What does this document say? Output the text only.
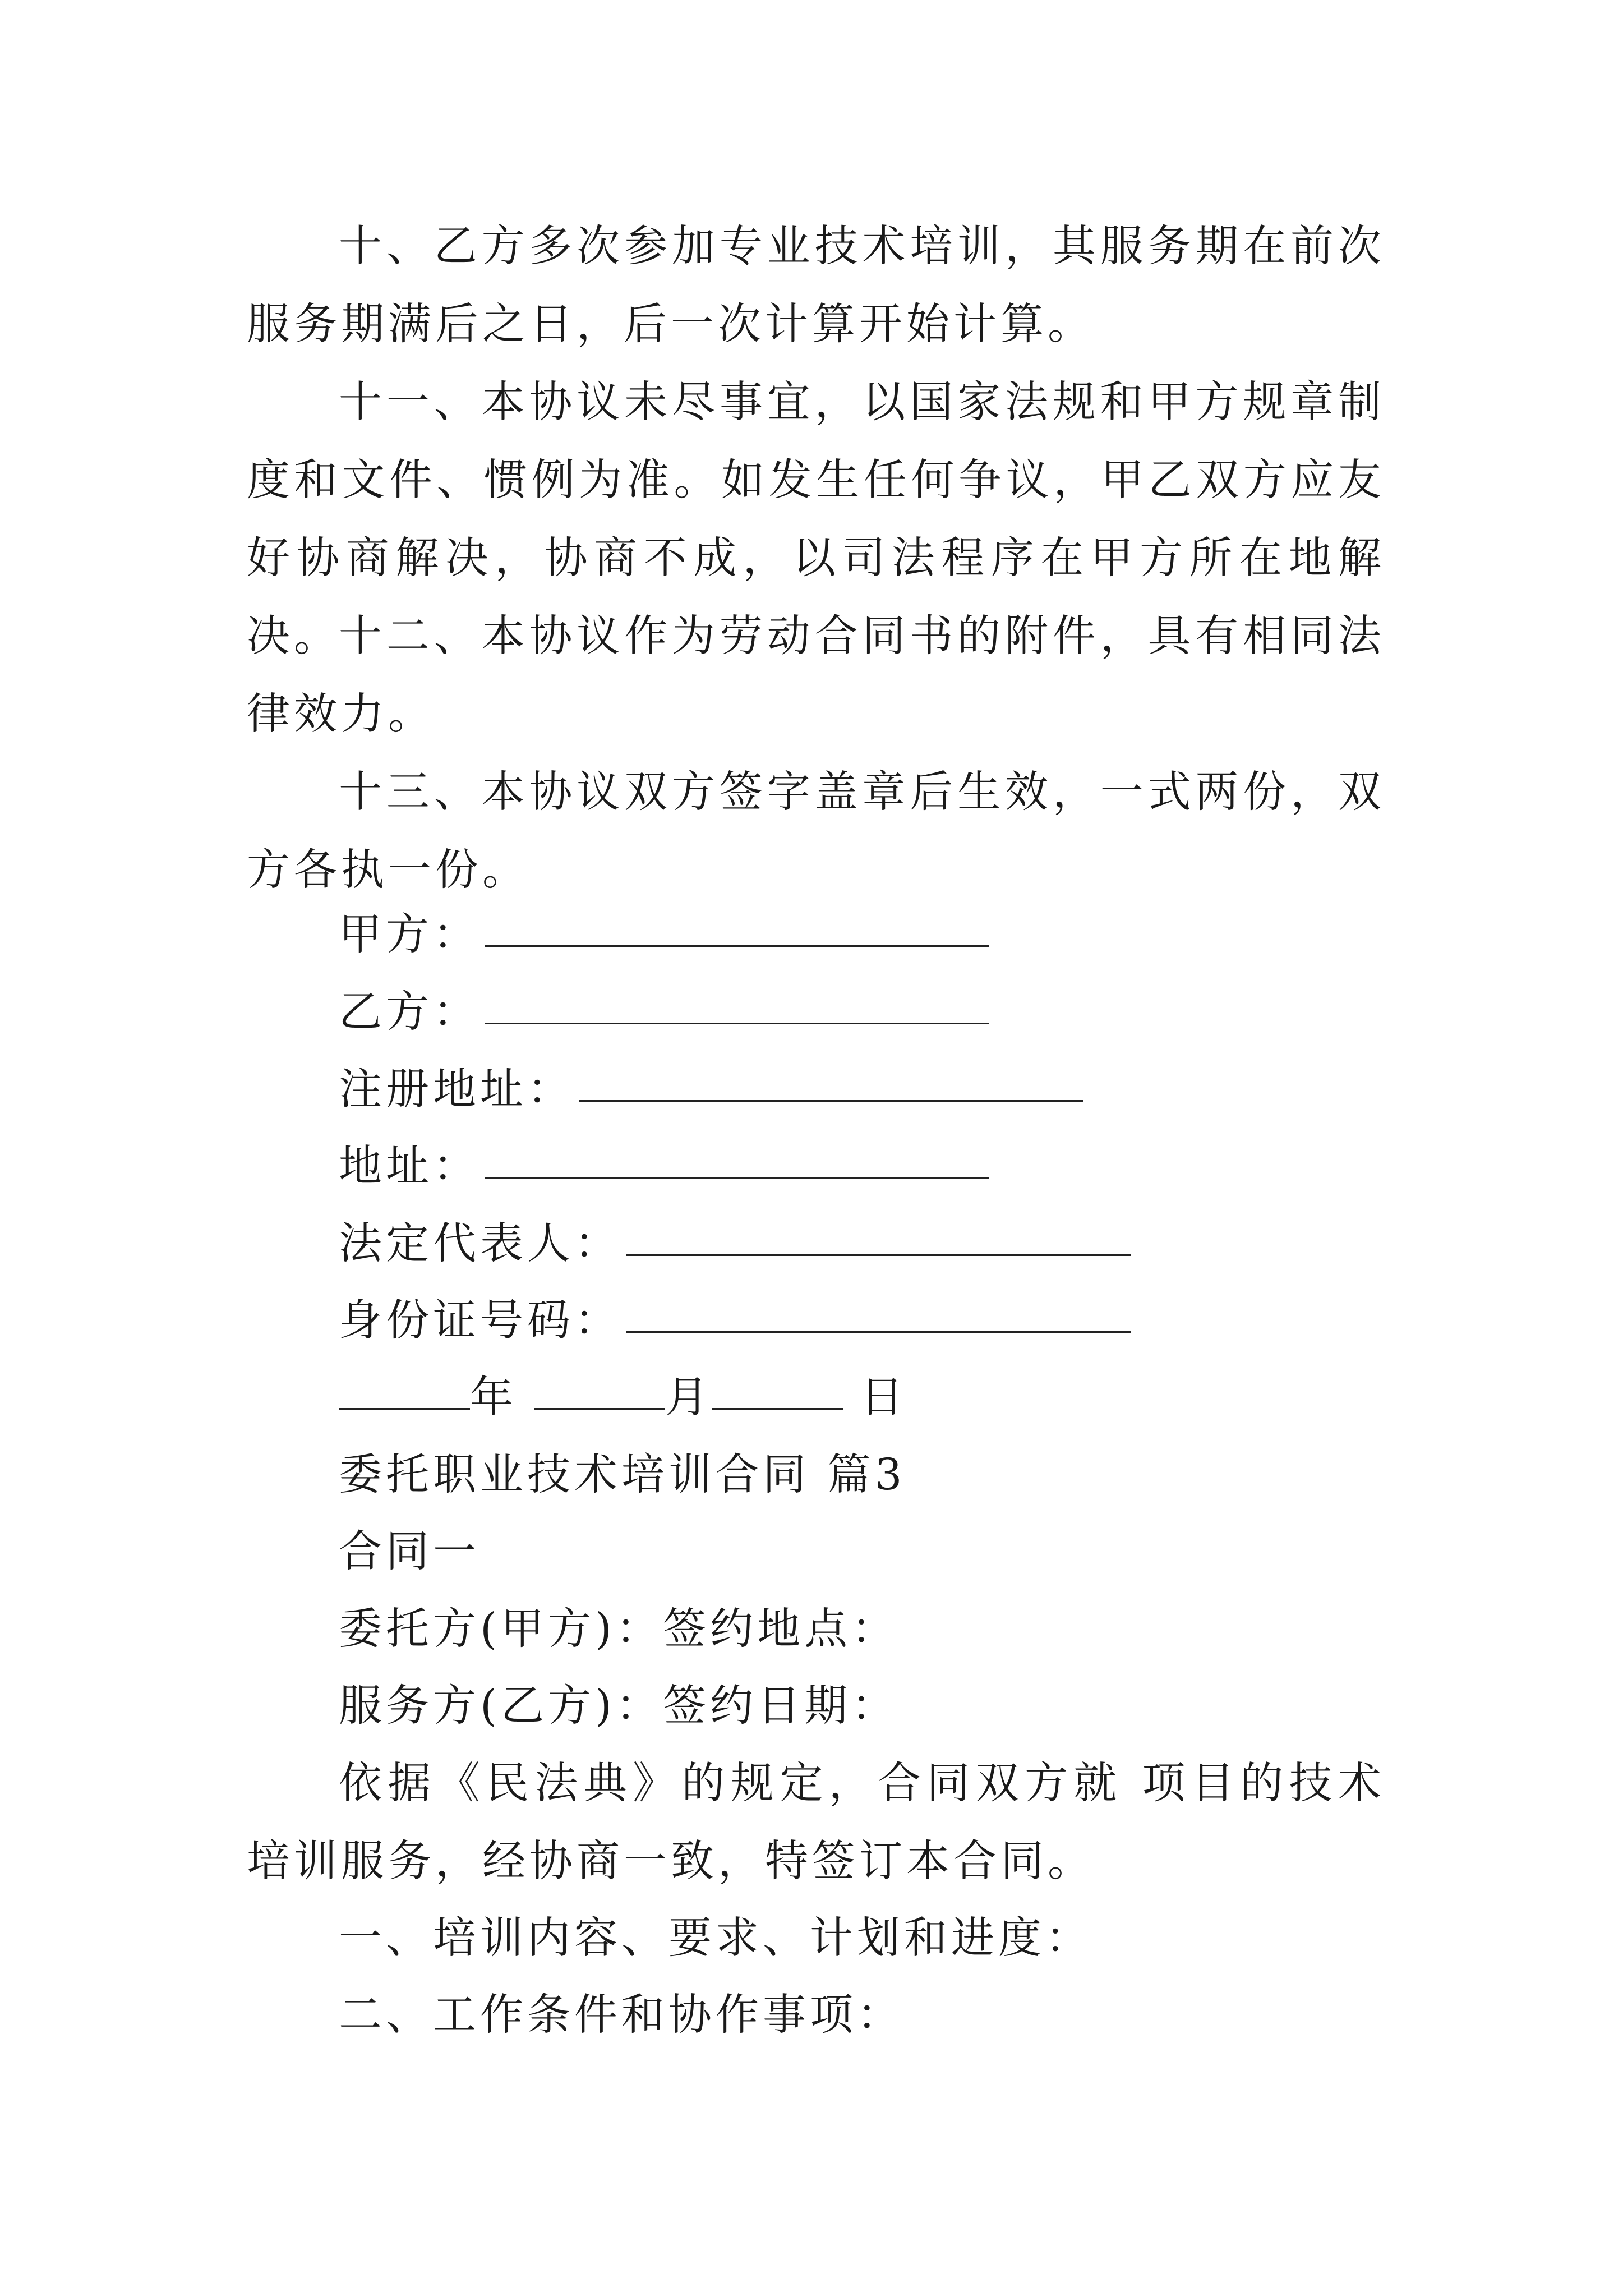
十、乙方多次参加专业技术培训，其服务期在前次服务期满后之日，后一次计算开始计算。

十一、本协议未尽事宜，以国家法规和甲方规章制度和文件、惯例为准。如发生任何争议，甲乙双方应友好协商解决，协商不成，以司法程序在甲方所在地解决。

十二、本协议作为劳动合同书的附件，具有相同法律效力。

十三、本协议双方签字盖章后生效，一式两份，双方各执一份。

甲方：
乙方：
注册地址：
地址：
法定代表人：
身份证号码：
年	月	日
委托职业技术培训合同 篇3
合同一
委托方(甲方)：签约地点：
服务方(乙方)：签约日期：

依据《民法典》的规定，合同双方就 项目的技术培训服务，经协商一致，特签订本合同。

一、培训内容、要求、计划和进度：
二、工作条件和协作事项：
